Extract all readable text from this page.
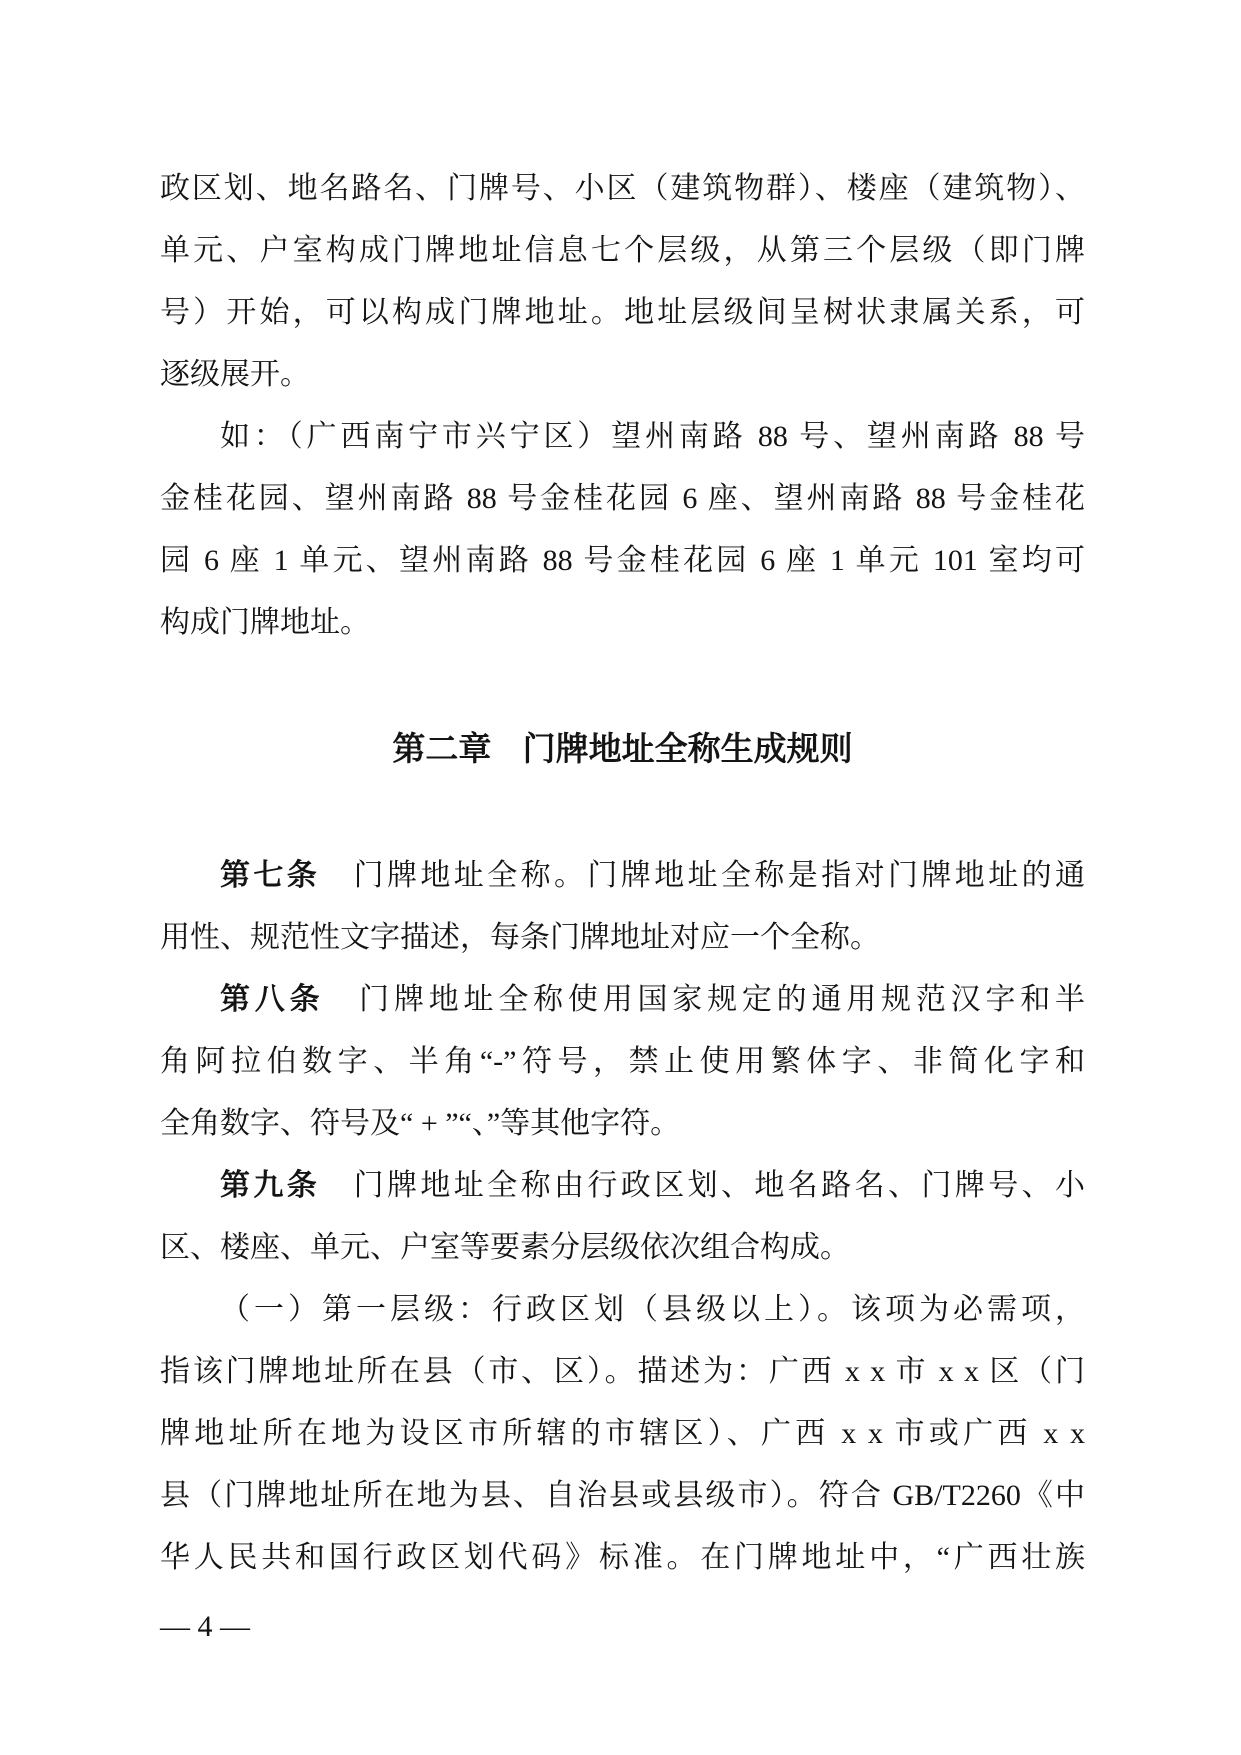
政区划、地名路名、门牌号、小区（建筑物群）、楼座（建筑物）、
单元、户室构成门牌地址信息七个层级，从第三个层级（即门牌
号）开始，可以构成门牌地址。地址层级间呈树状隶属关系，可
逐级展开。
如：（广西南宁市兴宁区）望州南路 88 号、望州南路 88 号
金桂花园、望州南路 88 号金桂花园 6 座、望州南路 88 号金桂花
园 6 座 1 单元、望州南路 88 号金桂花园 6 座 1 单元 101 室均可
构成门牌地址。
第二章 门牌地址全称生成规则
第七条　门牌地址全称。门牌地址全称是指对门牌地址的通
用性、规范性文字描述，每条门牌地址对应一个全称。
第八条　门牌地址全称使用国家规定的通用规范汉字和半
角阿拉伯数字、半角“-”符号，禁止使用繁体字、非简化字和
全角数字、符号及“ + ”“、”等其他字符。
第九条　门牌地址全称由行政区划、地名路名、门牌号、小
区、楼座、单元、户室等要素分层级依次组合构成。
（一）第一层级：行政区划（县级以上）。该项为必需项，
指该门牌地址所在县（市、区）。描述为：广西 x x 市 x x 区（门
牌地址所在地为设区市所辖的市辖区）、广西 x x 市或广西 x x
县（门牌地址所在地为县、自治县或县级市）。符合 GB/T2260《中
华人民共和国行政区划代码》标准。在门牌地址中，“广西壮族
— 4 —
